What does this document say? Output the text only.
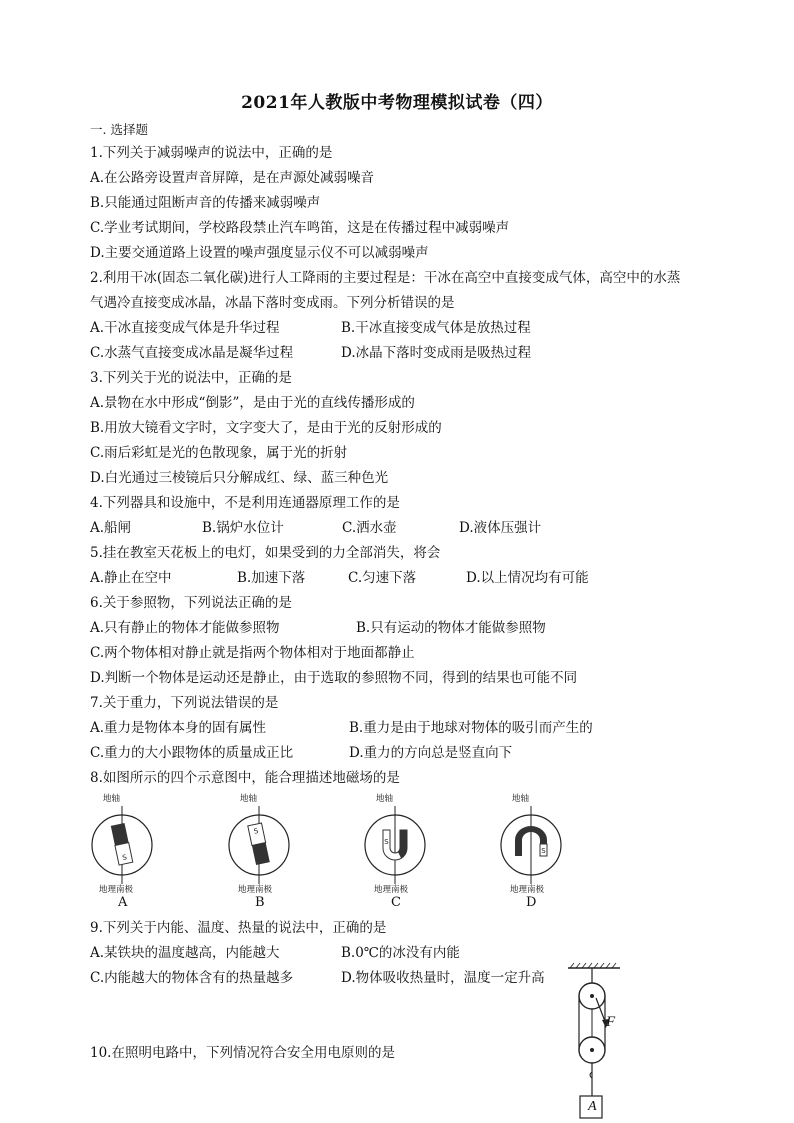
2021年人教版中考物理模拟试卷（四）
一. 选择题
1.下列关于减弱噪声的说法中，正确的是
A.在公路旁设置声音屏障，是在声源处减弱噪音
B.只能通过阻断声音的传播来减弱噪声
C.学业考试期间，学校路段禁止汽车鸣笛，这是在传播过程中减弱噪声
D.主要交通道路上设置的噪声强度显示仪不可以减弱噪声
2.利用干冰(固态二氧化碳)进行人工降雨的主要过程是：干冰在高空中直接变成气体，高空中的水蒸
气遇冷直接变成冰晶，冰晶下落时变成雨。下列分析错误的是
A.干冰直接变成气体是升华过程	B.干冰直接变成气体是放热过程
C.水蒸气直接变成冰晶是凝华过程	D.冰晶下落时变成雨是吸热过程
3.下列关于光的说法中，正确的是
A.景物在水中形成“倒影”，是由于光的直线传播形成的
B.用放大镜看文字时，文字变大了，是由于光的反射形成的
C.雨后彩虹是光的色散现象，属于光的折射
D.白光通过三棱镜后只分解成红、绿、蓝三种色光
4.下列器具和设施中，不是利用连通器原理工作的是
A.船闸	B.锅炉水位计	C.洒水壶	D.液体压强计
5.挂在教室天花板上的电灯，如果受到的力全部消失，将会
A.静止在空中	B.加速下落	C.匀速下落	D.以上情况均有可能
6.关于参照物，下列说法正确的是
A.只有静止的物体才能做参照物	B.只有运动的物体才能做参照物
C.两个物体相对静止就是指两个物体相对于地面都静止
D.判断一个物体是运动还是静止，由于选取的参照物不同，得到的结果也可能不同
7.关于重力，下列说法错误的是
A.重力是物体本身的固有属性	B.重力是由于地球对物体的吸引而产生的
C.重力的大小跟物体的质量成正比	D.重力的方向总是竖直向下
8.如图所示的四个示意图中，能合理描述地磁场的是
地轴
S
地理南极
A
地轴
S
地理南极
B
地轴
S
地理南极
C
地轴
S
地理南极
D
9.下列关于内能、温度、热量的说法中，正确的是
A.某铁块的温度越高，内能越大	B.0℃的冰没有内能
C.内能越大的物体含有的热量越多	D.物体吸收热量时，温度一定升高
10.在照明电路中，下列情况符合安全用电原则的是
F
A
